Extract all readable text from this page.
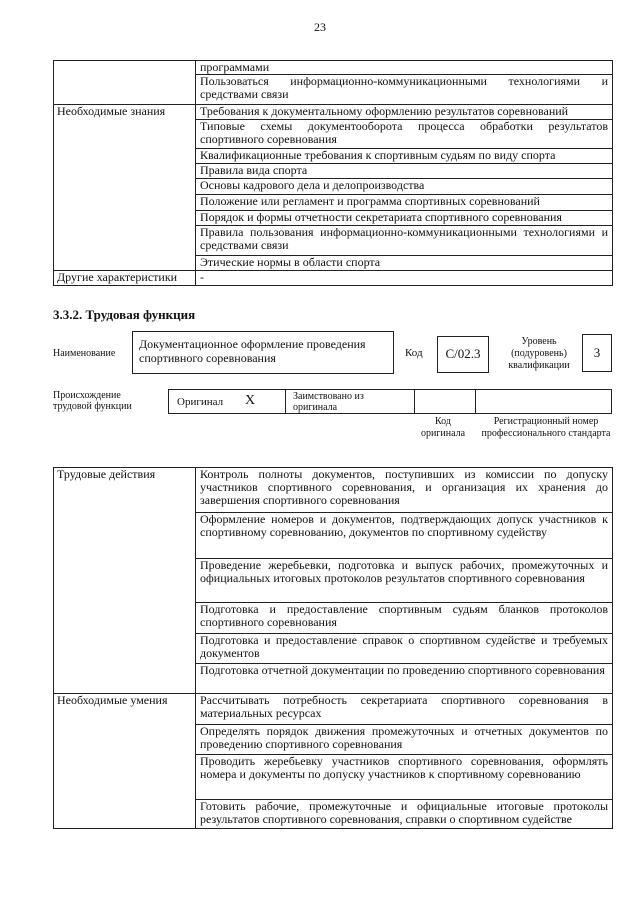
23
	программами
	Пользоваться информационно-коммуникационными технологиями и средствами связи
Необходимые знания	Требования к документальному оформлению результатов соревнований
	Типовые схемы документооборота процесса обработки результатов спортивного соревнования
	Квалификационные требования к спортивным судьям по виду спорта
	Правила вида спорта
	Основы кадрового дела и делопроизводства
	Положение или регламент и программа спортивных соревнований
	Порядок и формы отчетности секретариата спортивного соревнования
	Правила пользования информационно-коммуникационными технологиями и средствами связи
	Этические нормы в области спорта
Другие характеристики	-
3.3.2. Трудовая функция
Наименование
Документационное оформление проведения спортивного соревнования	Код	C/02.3
Уровень (подуровень) квалификации
3
Происхождение трудовой функции	Оригинал X	Заимствовано из оригинала
Код оригинала
Регистрационный номер профессионального стандарта
Трудовые действия	Контроль полноты документов, поступивших из комиссии по допуску участников спортивного соревнования, и организация их хранения до завершения спортивного соревнования
	Оформление номеров и документов, подтверждающих допуск участников к спортивному соревнованию, документов по спортивному судейству
	Проведение жеребьевки, подготовка и выпуск рабочих, промежуточных и официальных итоговых протоколов результатов спортивного соревнования
	Подготовка и предоставление спортивным судьям бланков протоколов спортивного соревнования
	Подготовка и предоставление справок о спортивном судействе и требуемых документов
	Подготовка отчетной документации по проведению спортивного соревнования
Необходимые умения	Рассчитывать потребность секретариата спортивного соревнования в материальных ресурсах
	Определять порядок движения промежуточных и отчетных документов по проведению спортивного соревнования
	Проводить жеребьевку участников спортивного соревнования, оформлять номера и документы по допуску участников к спортивному соревнованию
	Готовить рабочие, промежуточные и официальные итоговые протоколы результатов спортивного соревнования, справки о спортивном судействе
